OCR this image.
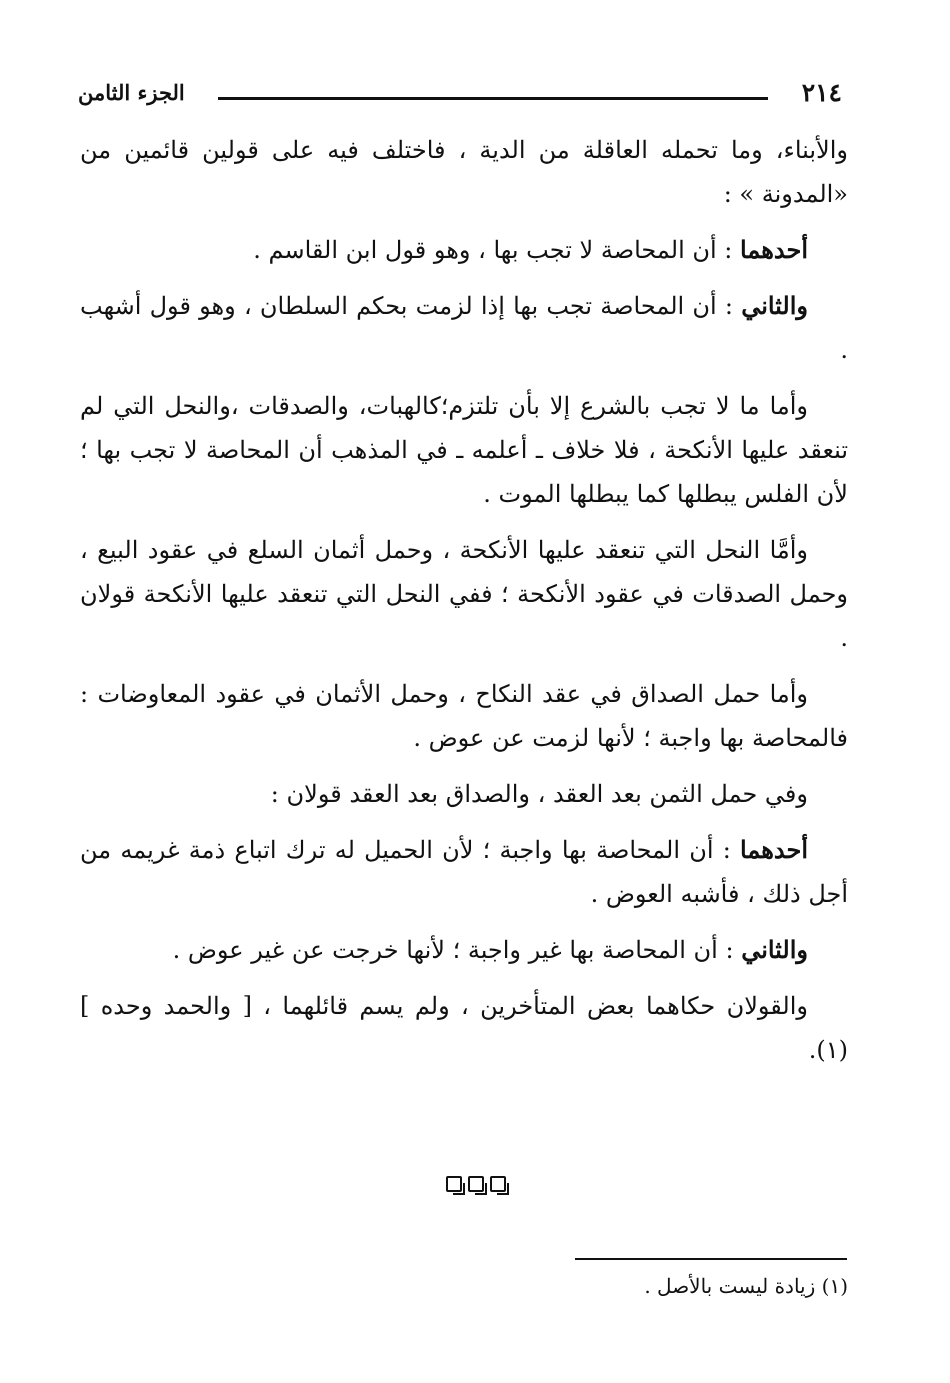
٢١٤
الجزء الثامن

والأبناء، وما تحمله العاقلة من الدية ، فاختلف فيه على قولين قائمين من «المدونة » :

أحدهما : أن المحاصة لا تجب بها ، وهو قول ابن القاسم .

والثاني : أن المحاصة تجب بها إذا لزمت بحكم السلطان ، وهو قول أشهب .

وأما ما لا تجب بالشرع إلا بأن تلتزم؛كالهبات، والصدقات ،والنحل التي لم تنعقد عليها الأنكحة ، فلا خلاف ـ أعلمه ـ في المذهب أن المحاصة لا تجب بها ؛ لأن الفلس يبطلها كما يبطلها الموت .

وأمَّا النحل التي تنعقد عليها الأنكحة ، وحمل أثمان السلع في عقود البيع ، وحمل الصدقات في عقود الأنكحة ؛ ففي النحل التي تنعقد عليها الأنكحة قولان .

وأما حمل الصداق في عقد النكاح ، وحمل الأثمان في عقود المعاوضات : فالمحاصة بها واجبة ؛ لأنها لزمت عن عوض .

وفي حمل الثمن بعد العقد ، والصداق بعد العقد قولان :

أحدهما : أن المحاصة بها واجبة ؛ لأن الحميل له ترك اتباع ذمة غريمه من أجل ذلك ، فأشبه العوض .

والثاني : أن المحاصة بها غير واجبة ؛ لأنها خرجت عن غير عوض .

والقولان حكاهما بعض المتأخرين ، ولم يسم قائلهما ، [ والحمد وحده ] (١).

(١) زيادة ليست بالأصل .
